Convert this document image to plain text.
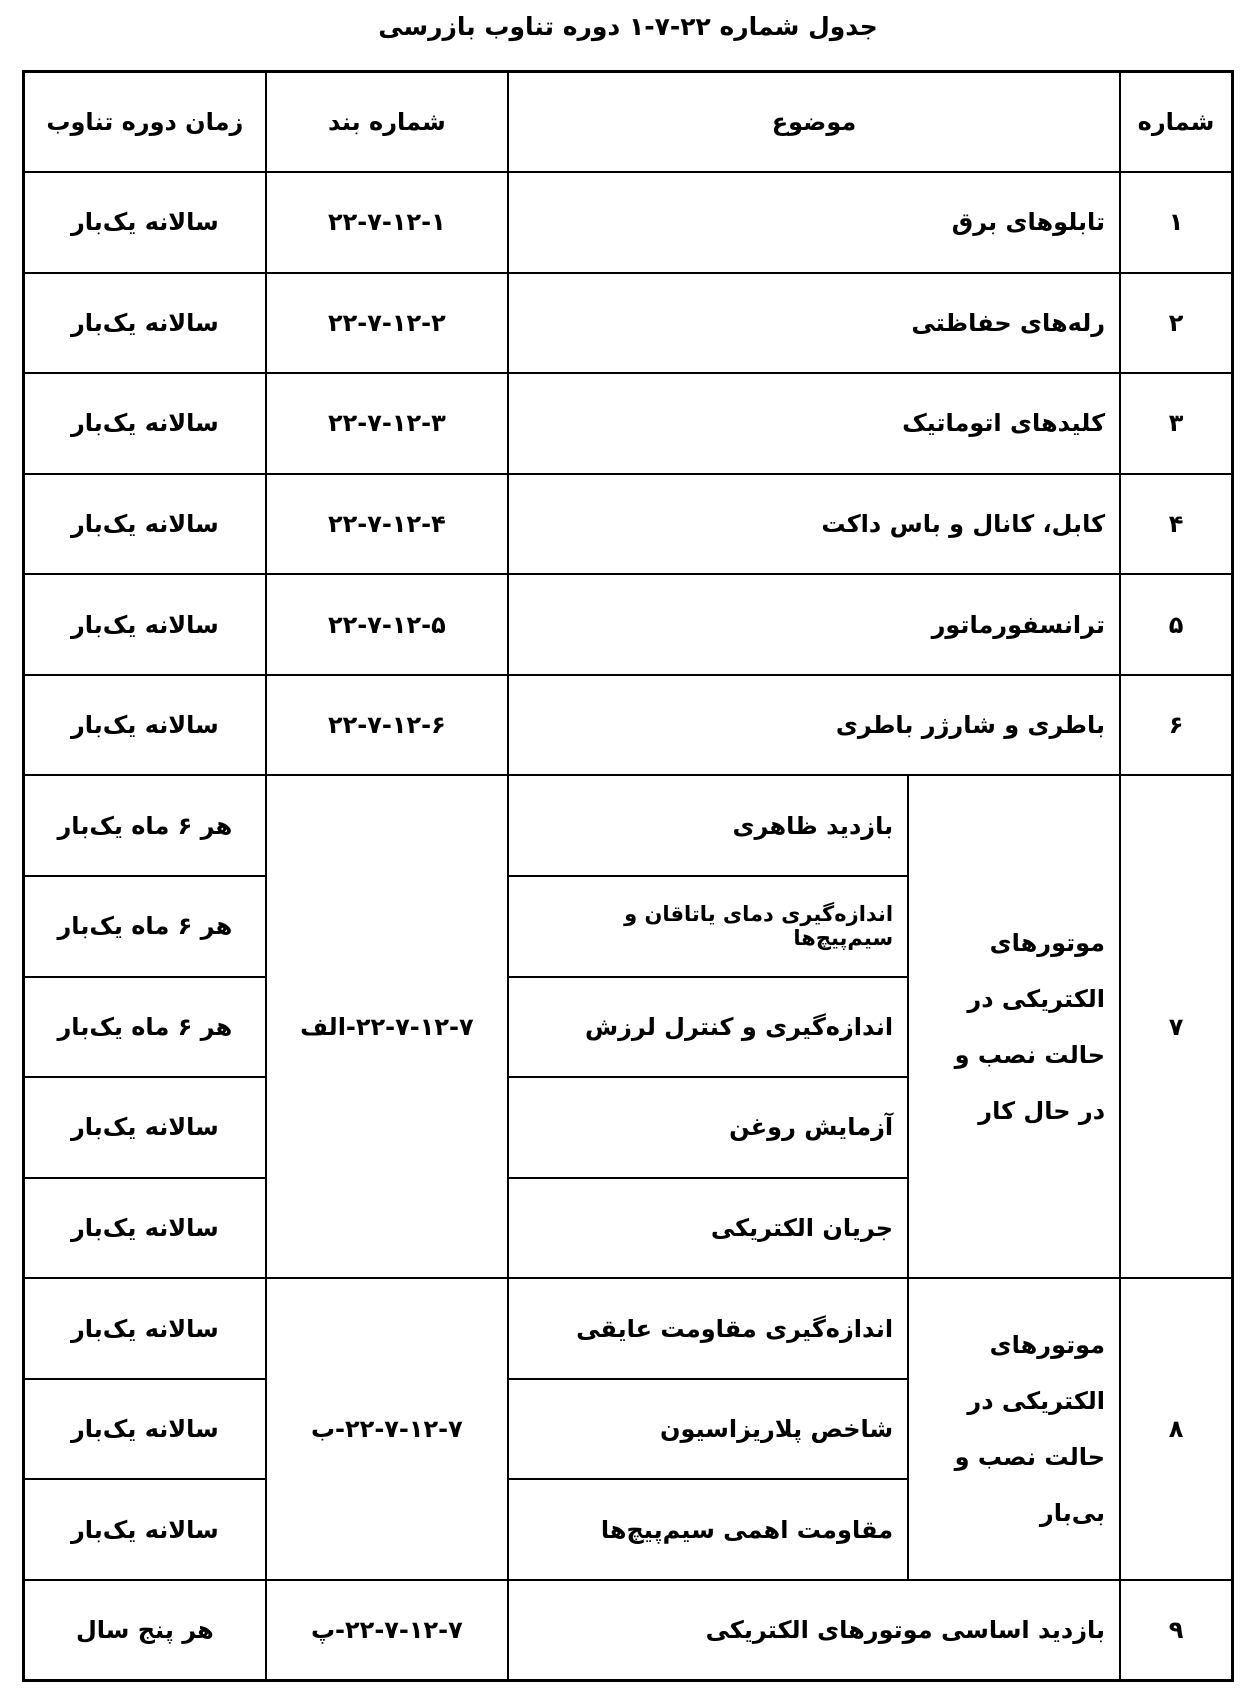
جدول شماره ۲۲-۷-۱ دوره تناوب بازرسی
شماره	موضوع		شماره بند	زمان دوره تناوب
۱	تابلوهای برق		۲۲-۷-۱۲-۱	سالانه یک‌بار
۲	رله‌های حفاظتی		۲۲-۷-۱۲-۲	سالانه یک‌بار
۳	کلیدهای اتوماتیک		۲۲-۷-۱۲-۳	سالانه یک‌بار
۴	کابل، کانال و باس داکت		۲۲-۷-۱۲-۴	سالانه یک‌بار
۵	ترانسفورماتور		۲۲-۷-۱۲-۵	سالانه یک‌بار
۶	باطری و شارژر باطری		۲۲-۷-۱۲-۶	سالانه یک‌بار
۷	موتورهای الکتریکی در حالت نصب و در حال کار	بازدید ظاهری	۲۲-۷-۱۲-۷-الف	هر ۶ ماه یک‌بار
		اندازه‌گیری دمای یاتاقان و سیم‌پیچ‌ها		هر ۶ ماه یک‌بار
		اندازه‌گیری و کنترل لرزش		هر ۶ ماه یک‌بار
		آزمایش روغن		سالانه یک‌بار
		جریان الکتریکی		سالانه یک‌بار
۸	موتورهای الکتریکی در حالت نصب و بی‌بار	اندازه‌گیری مقاومت عایقی	۲۲-۷-۱۲-۷-ب	سالانه یک‌بار
		شاخص پلاریزاسیون		سالانه یک‌بار
		مقاومت اهمی سیم‌پیچ‌ها		سالانه یک‌بار
۹	بازدید اساسی موتورهای الکتریکی		۲۲-۷-۱۲-۷-پ	هر پنج سال
